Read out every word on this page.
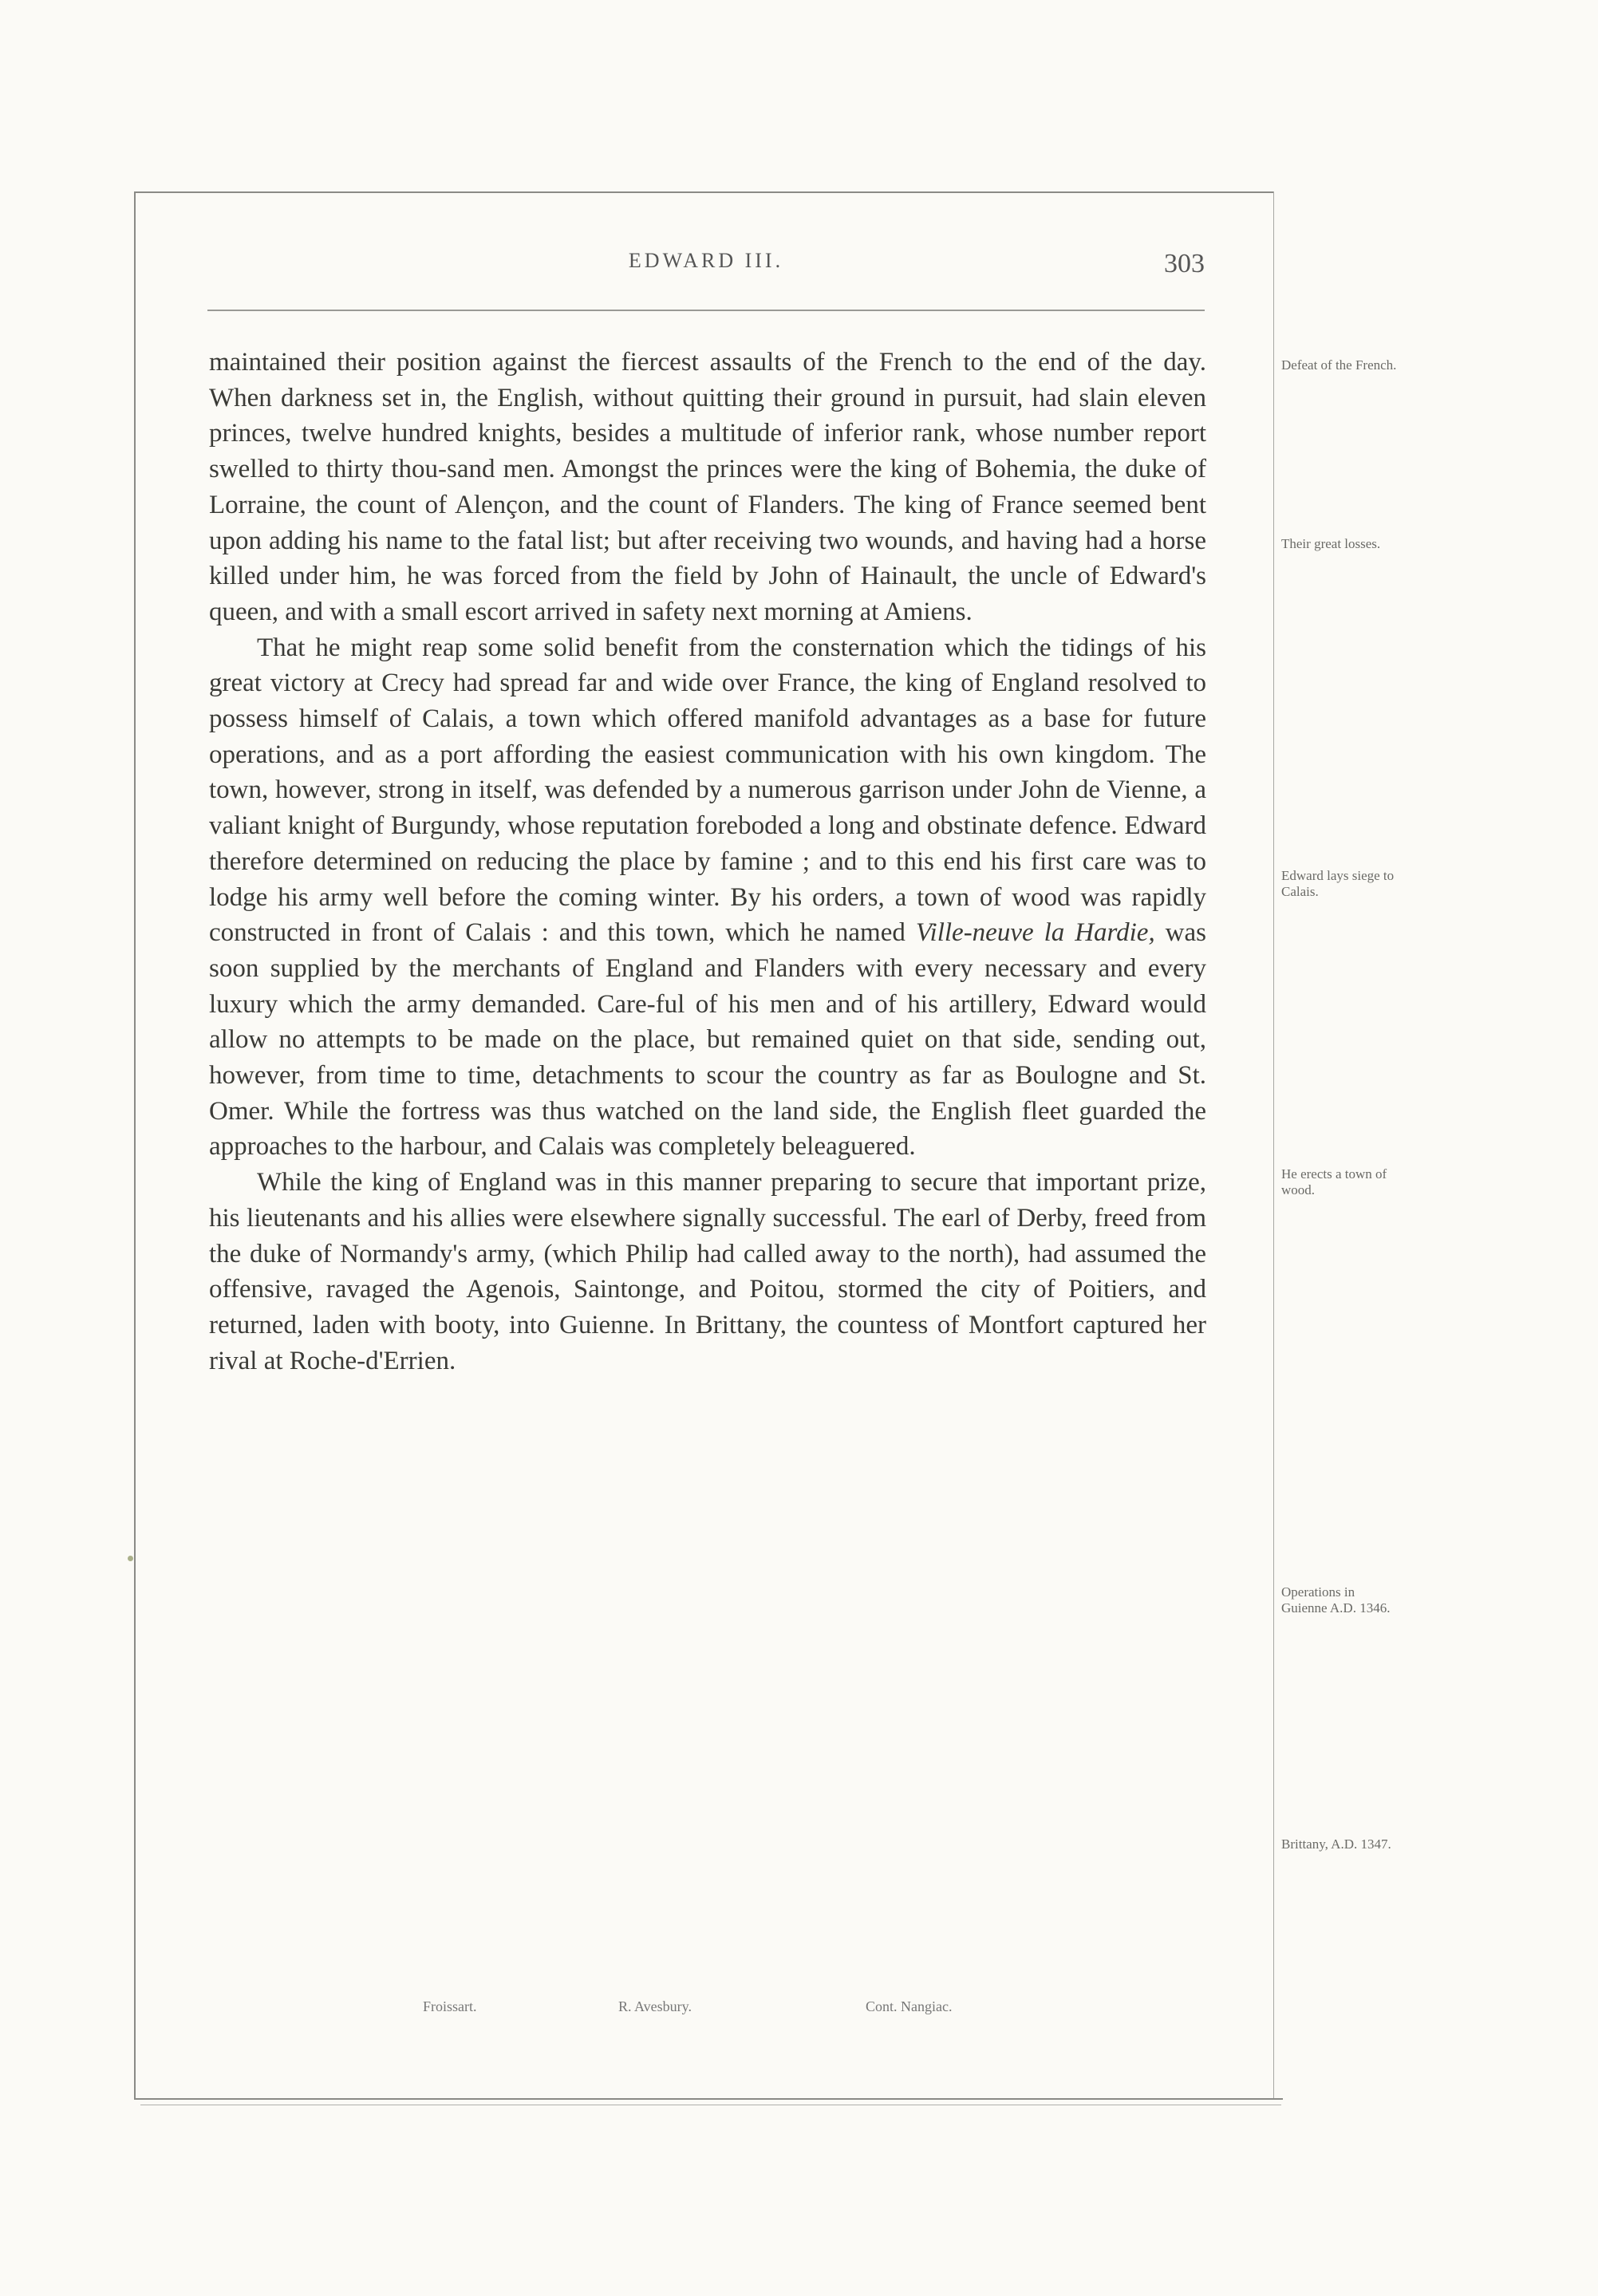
EDWARD III.	303

maintained their position against the fiercest assaults of the French to the end of the day. When darkness set in, the English, without quitting their ground in pursuit, had slain eleven princes, twelve hundred knights, besides a multitude of inferior rank, whose number report swelled to thirty thou-sand men. Amongst the princes were the king of Bohemia, the duke of Lorraine, the count of Alençon, and the count of Flanders. The king of France seemed bent upon adding his name to the fatal list; but after receiving two wounds, and having had a horse killed under him, he was forced from the field by John of Hainault, the uncle of Edward's queen, and with a small escort arrived in safety next morning at Amiens.

That he might reap some solid benefit from the consternation which the tidings of his great victory at Crecy had spread far and wide over France, the king of England resolved to possess himself of Calais, a town which offered manifold advantages as a base for future operations, and as a port affording the easiest communication with his own kingdom. The town, however, strong in itself, was defended by a numerous garrison under John de Vienne, a valiant knight of Burgundy, whose reputation foreboded a long and obstinate defence. Edward therefore determined on reducing the place by famine ; and to this end his first care was to lodge his army well before the coming winter. By his orders, a town of wood was rapidly constructed in front of Calais : and this town, which he named Ville-neuve la Hardie, was soon supplied by the merchants of England and Flanders with every necessary and every luxury which the army demanded. Care-ful of his men and of his artillery, Edward would allow no attempts to be made on the place, but remained quiet on that side, sending out, however, from time to time, detachments to scour the country as far as Boulogne and St. Omer. While the fortress was thus watched on the land side, the English fleet guarded the approaches to the harbour, and Calais was completely beleaguered.

While the king of England was in this manner preparing to secure that important prize, his lieutenants and his allies were elsewhere signally successful. The earl of Derby, freed from the duke of Normandy's army, (which Philip had called away to the north), had assumed the offensive, ravaged the Agenois, Saintonge, and Poitou, stormed the city of Poitiers, and returned, laden with booty, into Guienne. In Brittany, the countess of Montfort captured her rival at Roche-d'Errien.

Defeat of the French.
Their great losses.
Edward lays siege to Calais.
He erects a town of wood.
Operations in Guienne A.D. 1346.
Brittany, A.D. 1347.
Froissart.	R. Avesbury.	Cont. Nangiac.
